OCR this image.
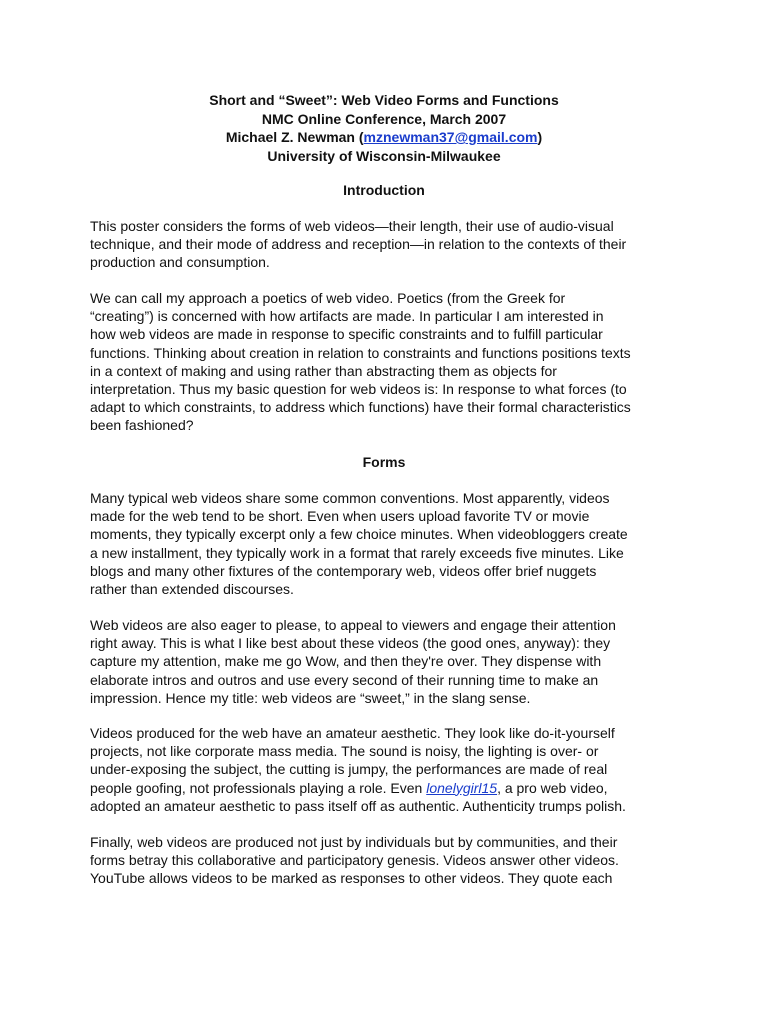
Short and “Sweet”: Web Video Forms and Functions
NMC Online Conference, March 2007
Michael Z. Newman (mznewman37@gmail.com)
University of Wisconsin-Milwaukee
Introduction
This poster considers the forms of web videos—their length, their use of audio-visual
technique, and their mode of address and reception—in relation to the contexts of their
production and consumption.
We can call my approach a poetics of web video. Poetics (from the Greek for
“creating”) is concerned with how artifacts are made. In particular I am interested in
how web videos are made in response to specific constraints and to fulfill particular
functions. Thinking about creation in relation to constraints and functions positions texts
in a context of making and using rather than abstracting them as objects for
interpretation. Thus my basic question for web videos is: In response to what forces (to
adapt to which constraints, to address which functions) have their formal characteristics
been fashioned?
Forms
Many typical web videos share some common conventions. Most apparently, videos
made for the web tend to be short. Even when users upload favorite TV or movie
moments, they typically excerpt only a few choice minutes. When videobloggers create
a new installment, they typically work in a format that rarely exceeds five minutes. Like
blogs and many other fixtures of the contemporary web, videos offer brief nuggets
rather than extended discourses.
Web videos are also eager to please, to appeal to viewers and engage their attention
right away. This is what I like best about these videos (the good ones, anyway): they
capture my attention, make me go Wow, and then they're over. They dispense with
elaborate intros and outros and use every second of their running time to make an
impression. Hence my title: web videos are “sweet,” in the slang sense.
Videos produced for the web have an amateur aesthetic. They look like do-it-yourself
projects, not like corporate mass media. The sound is noisy, the lighting is over- or
under-exposing the subject, the cutting is jumpy, the performances are made of real
people goofing, not professionals playing a role. Even lonelygirl15, a pro web video,
adopted an amateur aesthetic to pass itself off as authentic. Authenticity trumps polish.
Finally, web videos are produced not just by individuals but by communities, and their
forms betray this collaborative and participatory genesis. Videos answer other videos.
YouTube allows videos to be marked as responses to other videos. They quote each
